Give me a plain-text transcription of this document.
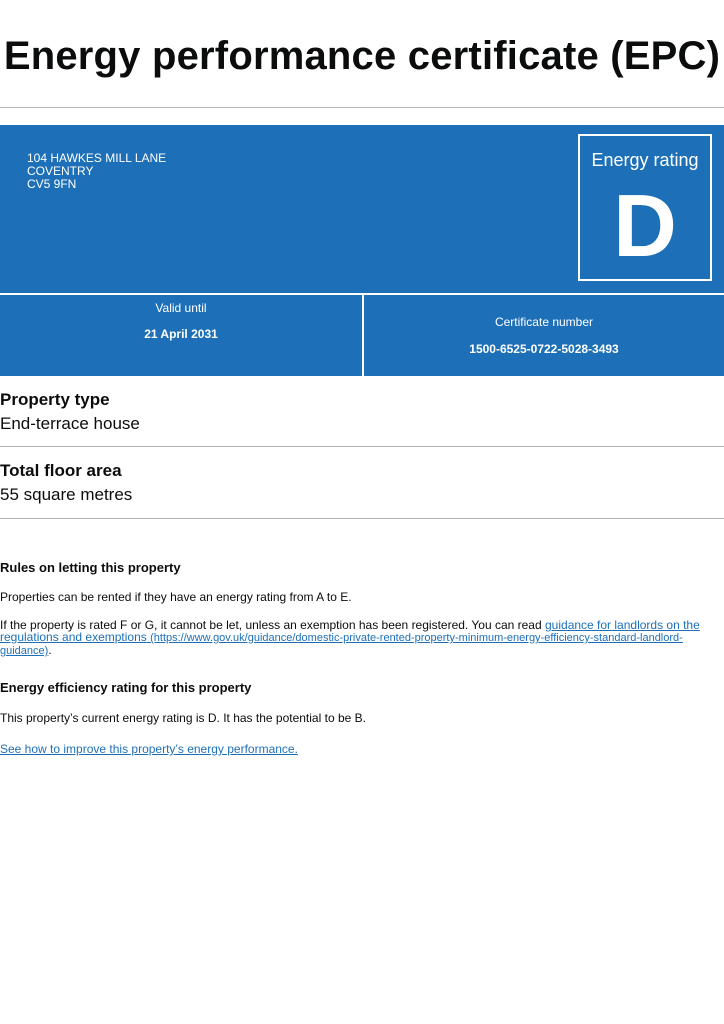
Energy performance certificate (EPC)
104 HAWKES MILL LANE
COVENTRY
CV5 9FN
Energy rating
D
Valid until
21 April 2031
Certificate number
1500-6525-0722-5028-3493
Property type
End-terrace house
Total floor area
55 square metres
Rules on letting this property
Properties can be rented if they have an energy rating from A to E.
If the property is rated F or G, it cannot be let, unless an exemption has been registered. You can read guidance for landlords on the regulations and exemptions (https://www.gov.uk/guidance/domestic-private-rented-property-minimum-energy-efficiency-standard-landlord-guidance).
Energy efficiency rating for this property
This property’s current energy rating is D. It has the potential to be B.
See how to improve this property’s energy performance.
